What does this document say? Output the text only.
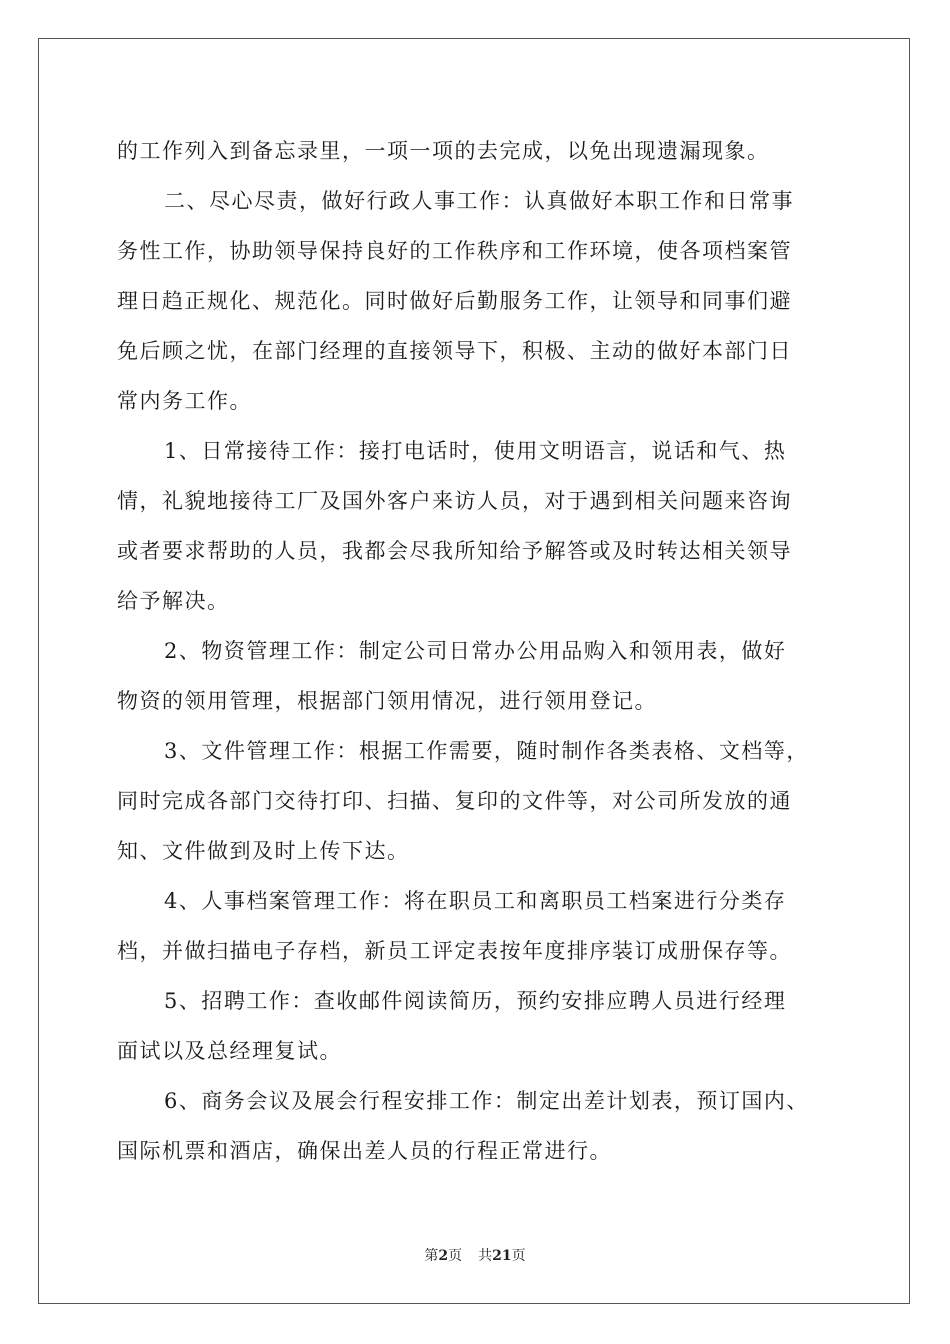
的工作列入到备忘录里，一项一项的去完成，以免出现遗漏现象。
二、尽心尽责，做好行政人事工作：认真做好本职工作和日常事
务性工作，协助领导保持良好的工作秩序和工作环境，使各项档案管
理日趋正规化、规范化。同时做好后勤服务工作，让领导和同事们避
免后顾之忧，在部门经理的直接领导下，积极、主动的做好本部门日
常内务工作。
1、日常接待工作：接打电话时，使用文明语言，说话和气、热
情，礼貌地接待工厂及国外客户来访人员，对于遇到相关问题来咨询
或者要求帮助的人员，我都会尽我所知给予解答或及时转达相关领导
给予解决。
2、物资管理工作：制定公司日常办公用品购入和领用表，做好
物资的领用管理，根据部门领用情况，进行领用登记。
3、文件管理工作：根据工作需要，随时制作各类表格、文档等，
同时完成各部门交待打印、扫描、复印的文件等，对公司所发放的通
知、文件做到及时上传下达。
4、人事档案管理工作：将在职员工和离职员工档案进行分类存
档，并做扫描电子存档，新员工评定表按年度排序装订成册保存等。
5、招聘工作：查收邮件阅读简历，预约安排应聘人员进行经理
面试以及总经理复试。
6、商务会议及展会行程安排工作：制定出差计划表，预订国内、
国际机票和酒店，确保出差人员的行程正常进行。
第2页 共21页
